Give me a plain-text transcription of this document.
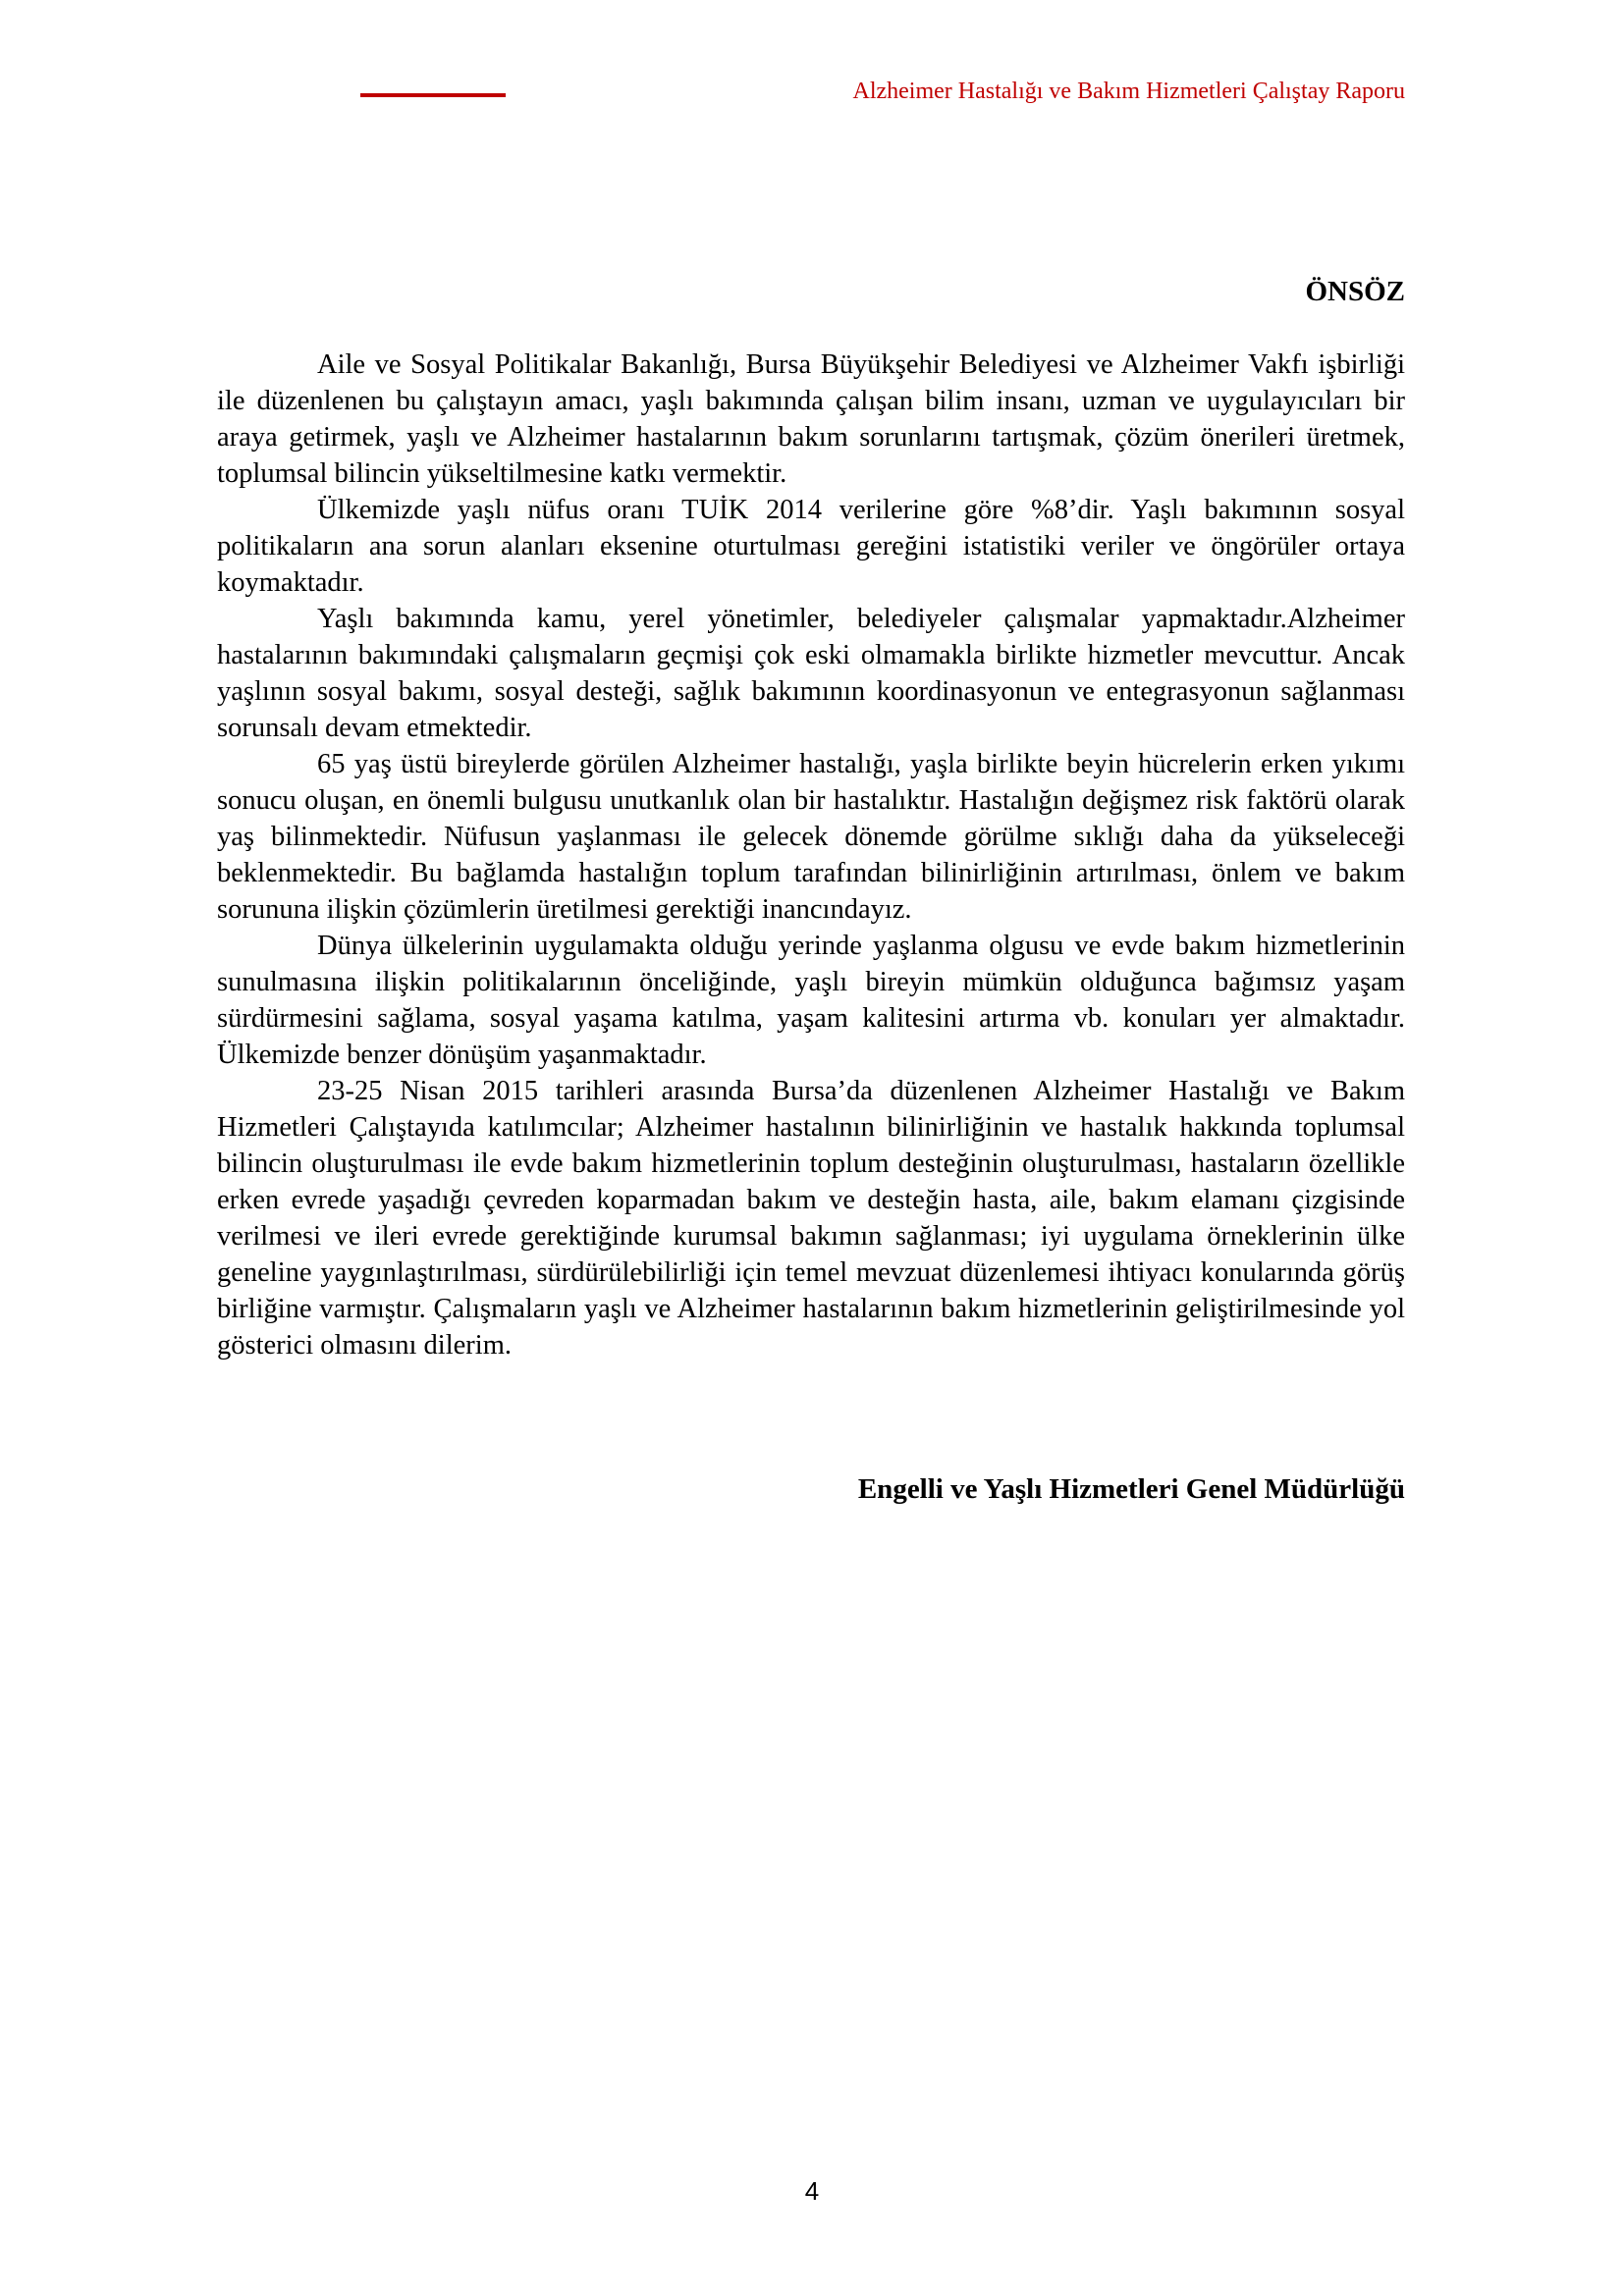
Alzheimer Hastalığı ve Bakım Hizmetleri Çalıştay Raporu
ÖNSÖZ

Aile ve Sosyal Politikalar Bakanlığı, Bursa Büyükşehir Belediyesi ve Alzheimer Vakfı işbirliği ile düzenlenen bu çalıştayın amacı, yaşlı bakımında çalışan bilim insanı, uzman ve uygulayıcıları bir araya getirmek, yaşlı ve Alzheimer hastalarının bakım sorunlarını tartışmak, çözüm önerileri üretmek, toplumsal bilincin yükseltilmesine katkı vermektir.

Ülkemizde yaşlı nüfus oranı TUİK 2014 verilerine göre %8’dir. Yaşlı bakımının sosyal politikaların ana sorun alanları eksenine oturtulması gereğini istatistiki veriler ve öngörüler ortaya koymaktadır.

Yaşlı bakımında kamu, yerel yönetimler, belediyeler çalışmalar yapmaktadır.Alzheimer hastalarının bakımındaki çalışmaların geçmişi çok eski olmamakla birlikte hizmetler mevcuttur. Ancak yaşlının sosyal bakımı, sosyal desteği, sağlık bakımının koordinasyonun ve entegrasyonun sağlanması sorunsalı devam etmektedir.

65 yaş üstü bireylerde görülen Alzheimer hastalığı, yaşla birlikte beyin hücrelerin erken yıkımı sonucu oluşan, en önemli bulgusu unutkanlık olan bir hastalıktır. Hastalığın değişmez risk faktörü olarak yaş bilinmektedir. Nüfusun yaşlanması ile gelecek dönemde görülme sıklığı daha da yükseleceği beklenmektedir. Bu bağlamda hastalığın toplum tarafından bilinirliğinin artırılması, önlem ve bakım sorununa ilişkin çözümlerin üretilmesi gerektiği inancındayız.

Dünya ülkelerinin uygulamakta olduğu yerinde yaşlanma olgusu ve evde bakım hizmetlerinin sunulmasına ilişkin politikalarının önceliğinde, yaşlı bireyin mümkün olduğunca bağımsız yaşam sürdürmesini sağlama, sosyal yaşama katılma, yaşam kalitesini artırma vb. konuları yer almaktadır. Ülkemizde benzer dönüşüm yaşanmaktadır.

23-25 Nisan 2015 tarihleri arasında Bursa’da düzenlenen Alzheimer Hastalığı ve Bakım Hizmetleri Çalıştayıda katılımcılar; Alzheimer hastalının bilinirliğinin ve hastalık hakkında toplumsal bilincin oluşturulması ile evde bakım hizmetlerinin toplum desteğinin oluşturulması, hastaların özellikle erken evrede yaşadığı çevreden koparmadan bakım ve desteğin hasta, aile, bakım elamanı çizgisinde verilmesi ve ileri evrede gerektiğinde kurumsal bakımın sağlanması; iyi uygulama örneklerinin ülke geneline yaygınlaştırılması, sürdürülebilirliği için temel mevzuat düzenlemesi ihtiyacı konularında görüş birliğine varmıştır. Çalışmaların yaşlı ve Alzheimer hastalarının bakım hizmetlerinin geliştirilmesinde yol gösterici olmasını dilerim.

Engelli ve Yaşlı Hizmetleri Genel Müdürlüğü
4
